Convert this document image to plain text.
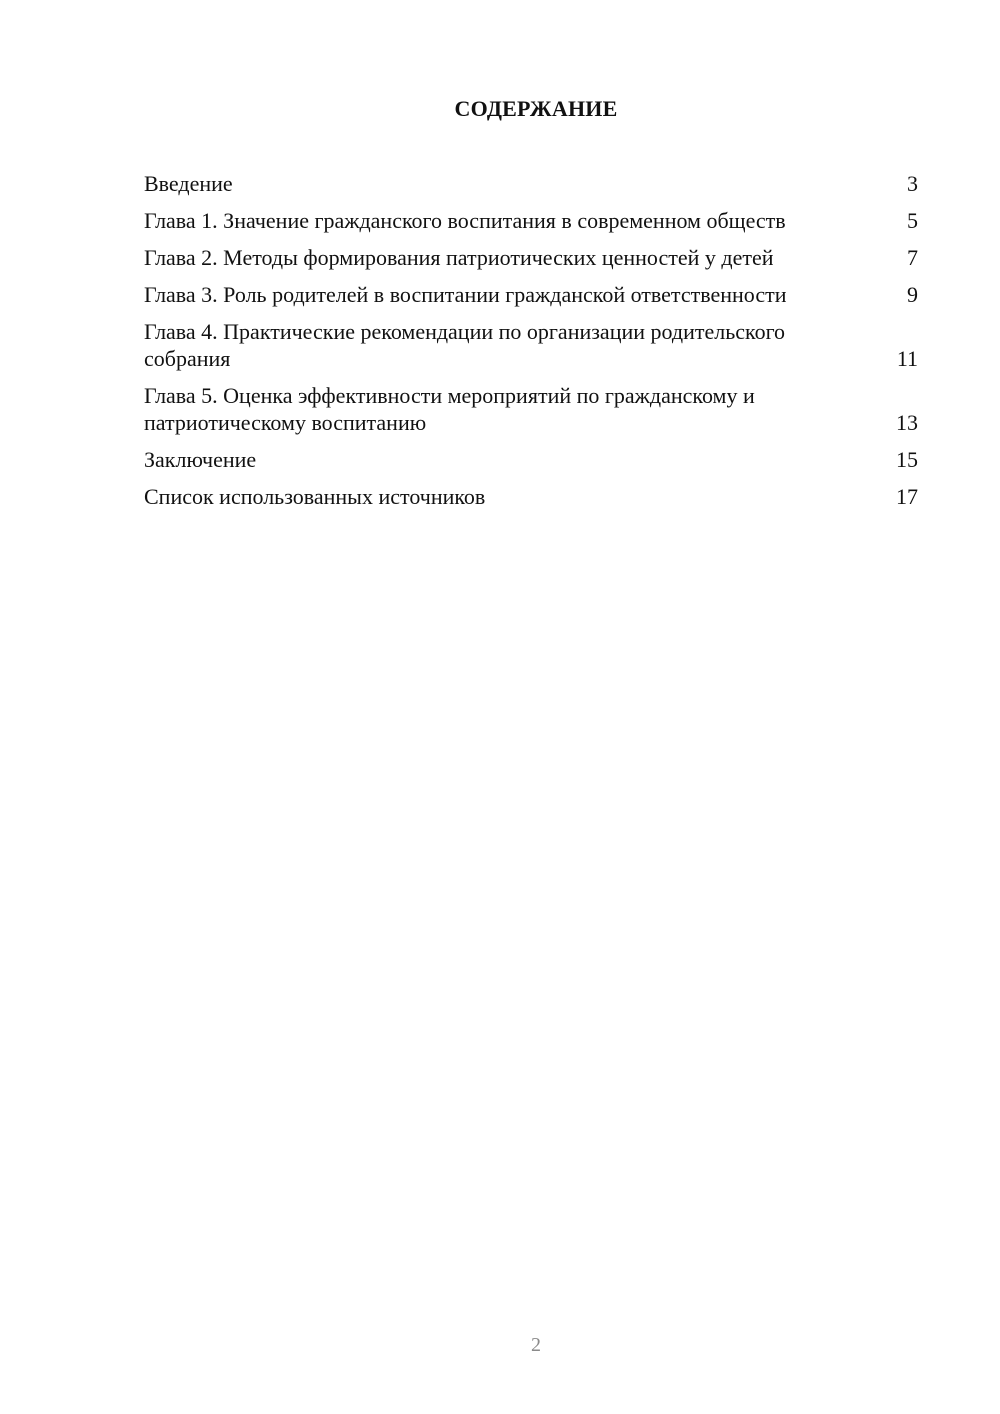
СОДЕРЖАНИЕ
Введение	3
Глава 1. Значение гражданского воспитания в современном обществ	5
Глава 2. Методы формирования патриотических ценностей у детей	7
Глава 3. Роль родителей в воспитании гражданской ответственности	9
Глава 4. Практические рекомендации по организации родительского собрания	11
Глава 5. Оценка эффективности мероприятий по гражданскому и патриотическому воспитанию	13
Заключение	15
Список использованных источников	17
2
